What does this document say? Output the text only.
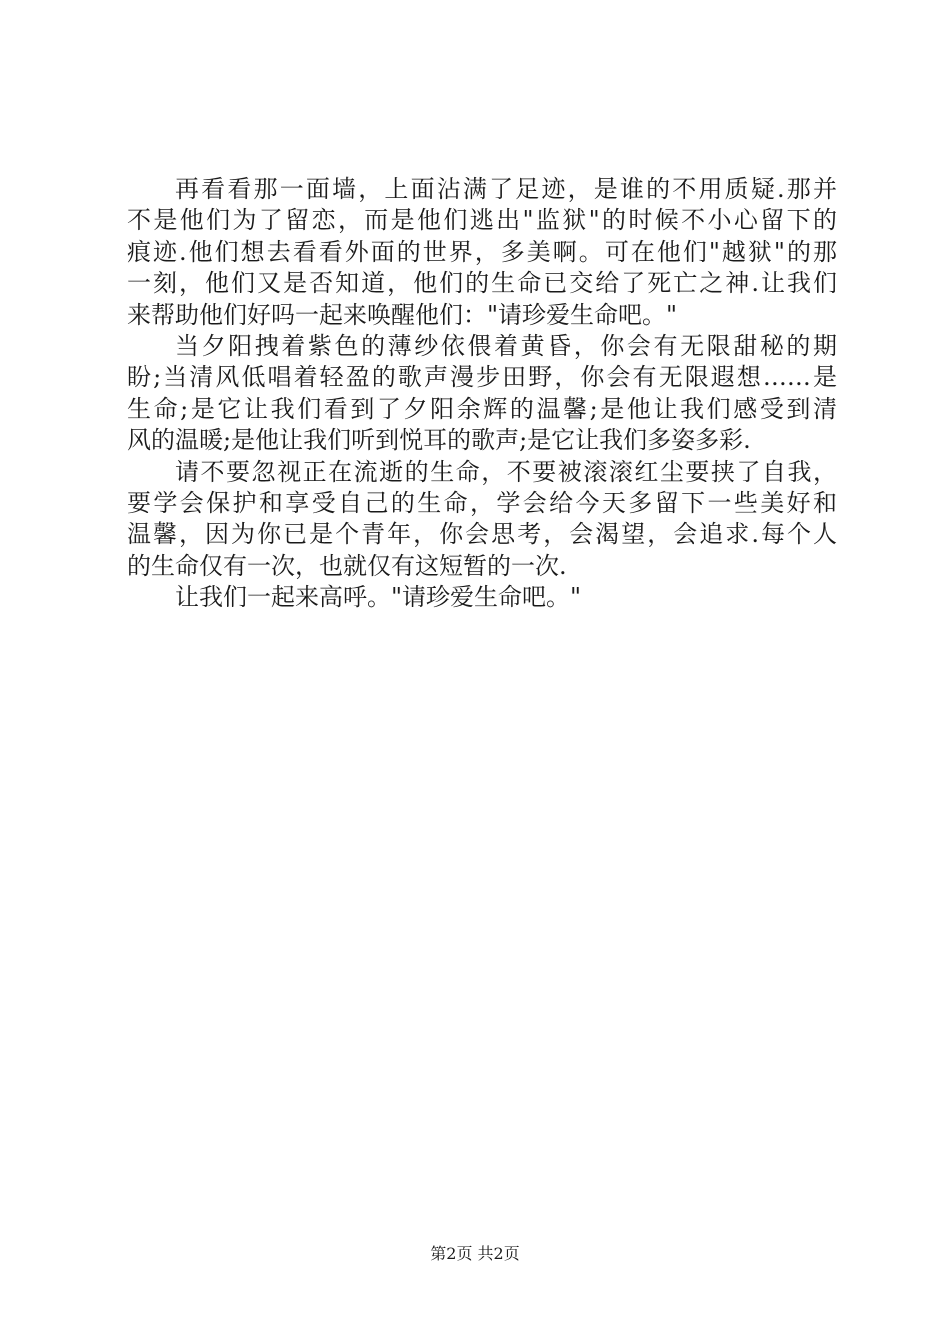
再看看那一面墙，上面沾满了足迹，是谁的不用质疑.那并
不是他们为了留恋，而是他们逃出"监狱"的时候不小心留下的
痕迹.他们想去看看外面的世界，多美啊。可在他们"越狱"的那
一刻，他们又是否知道，他们的生命已交给了死亡之神.让我们
来帮助他们好吗一起来唤醒他们："请珍爱生命吧。"
当夕阳拽着紫色的薄纱依偎着黄昏，你会有无限甜秘的期
盼;当清风低唱着轻盈的歌声漫步田野，你会有无限遐想……是
生命;是它让我们看到了夕阳余辉的温馨;是他让我们感受到清
风的温暖;是他让我们听到悦耳的歌声;是它让我们多姿多彩.
请不要忽视正在流逝的生命，不要被滚滚红尘要挟了自我，
要学会保护和享受自己的生命，学会给今天多留下一些美好和
温馨，因为你已是个青年，你会思考，会渴望，会追求.每个人
的生命仅有一次，也就仅有这短暂的一次.
让我们一起来高呼。"请珍爱生命吧。"
第2页 共2页
